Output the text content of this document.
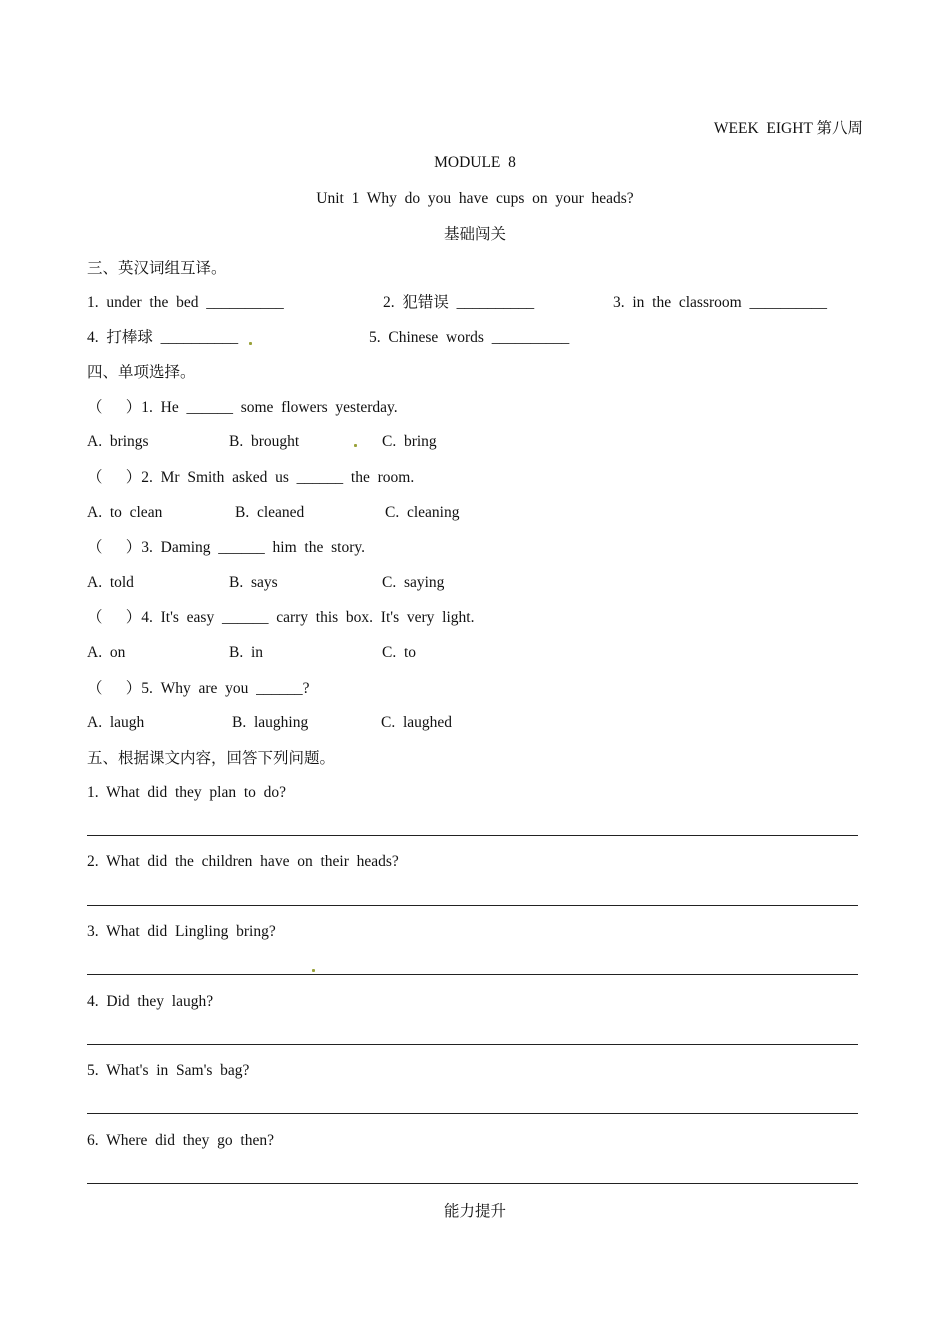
WEEK  EIGHT 第八周
MODULE  8
Unit  1  Why  do  you  have  cups  on  your  heads?
基础闯关
三、英汉词组互译。
1.  under  the  bed  __________	2.  犯错误  __________	3.  in  the  classroom  __________
4.  打棒球  __________	5.  Chinese  words  __________
四、单项选择。
（      ）1.  He  ______  some  flowers  yesterday.
A.  brings	B.  brought	C.  bring
（      ）2.  Mr  Smith  asked  us  ______  the  room.
A.  to  clean	B.  cleaned	C.  cleaning
（      ）3.  Daming  ______  him  the  story.
A.  told	B.  says	C.  saying
（      ）4.  It's  easy  ______  carry  this  box.  It's  very  light.
A.  on	B.  in	C.  to
（      ）5.  Why  are  you  ______?
A.  laugh	B.  laughing	C.  laughed
五、根据课文内容，回答下列问题。
1.  What  did  they  plan  to  do?
2.  What  did  the  children  have  on  their  heads?
3.  What  did  Lingling  bring?
4.  Did  they  laugh?
5.  What's  in  Sam's  bag?
6.  Where  did  they  go  then?
能力提升
